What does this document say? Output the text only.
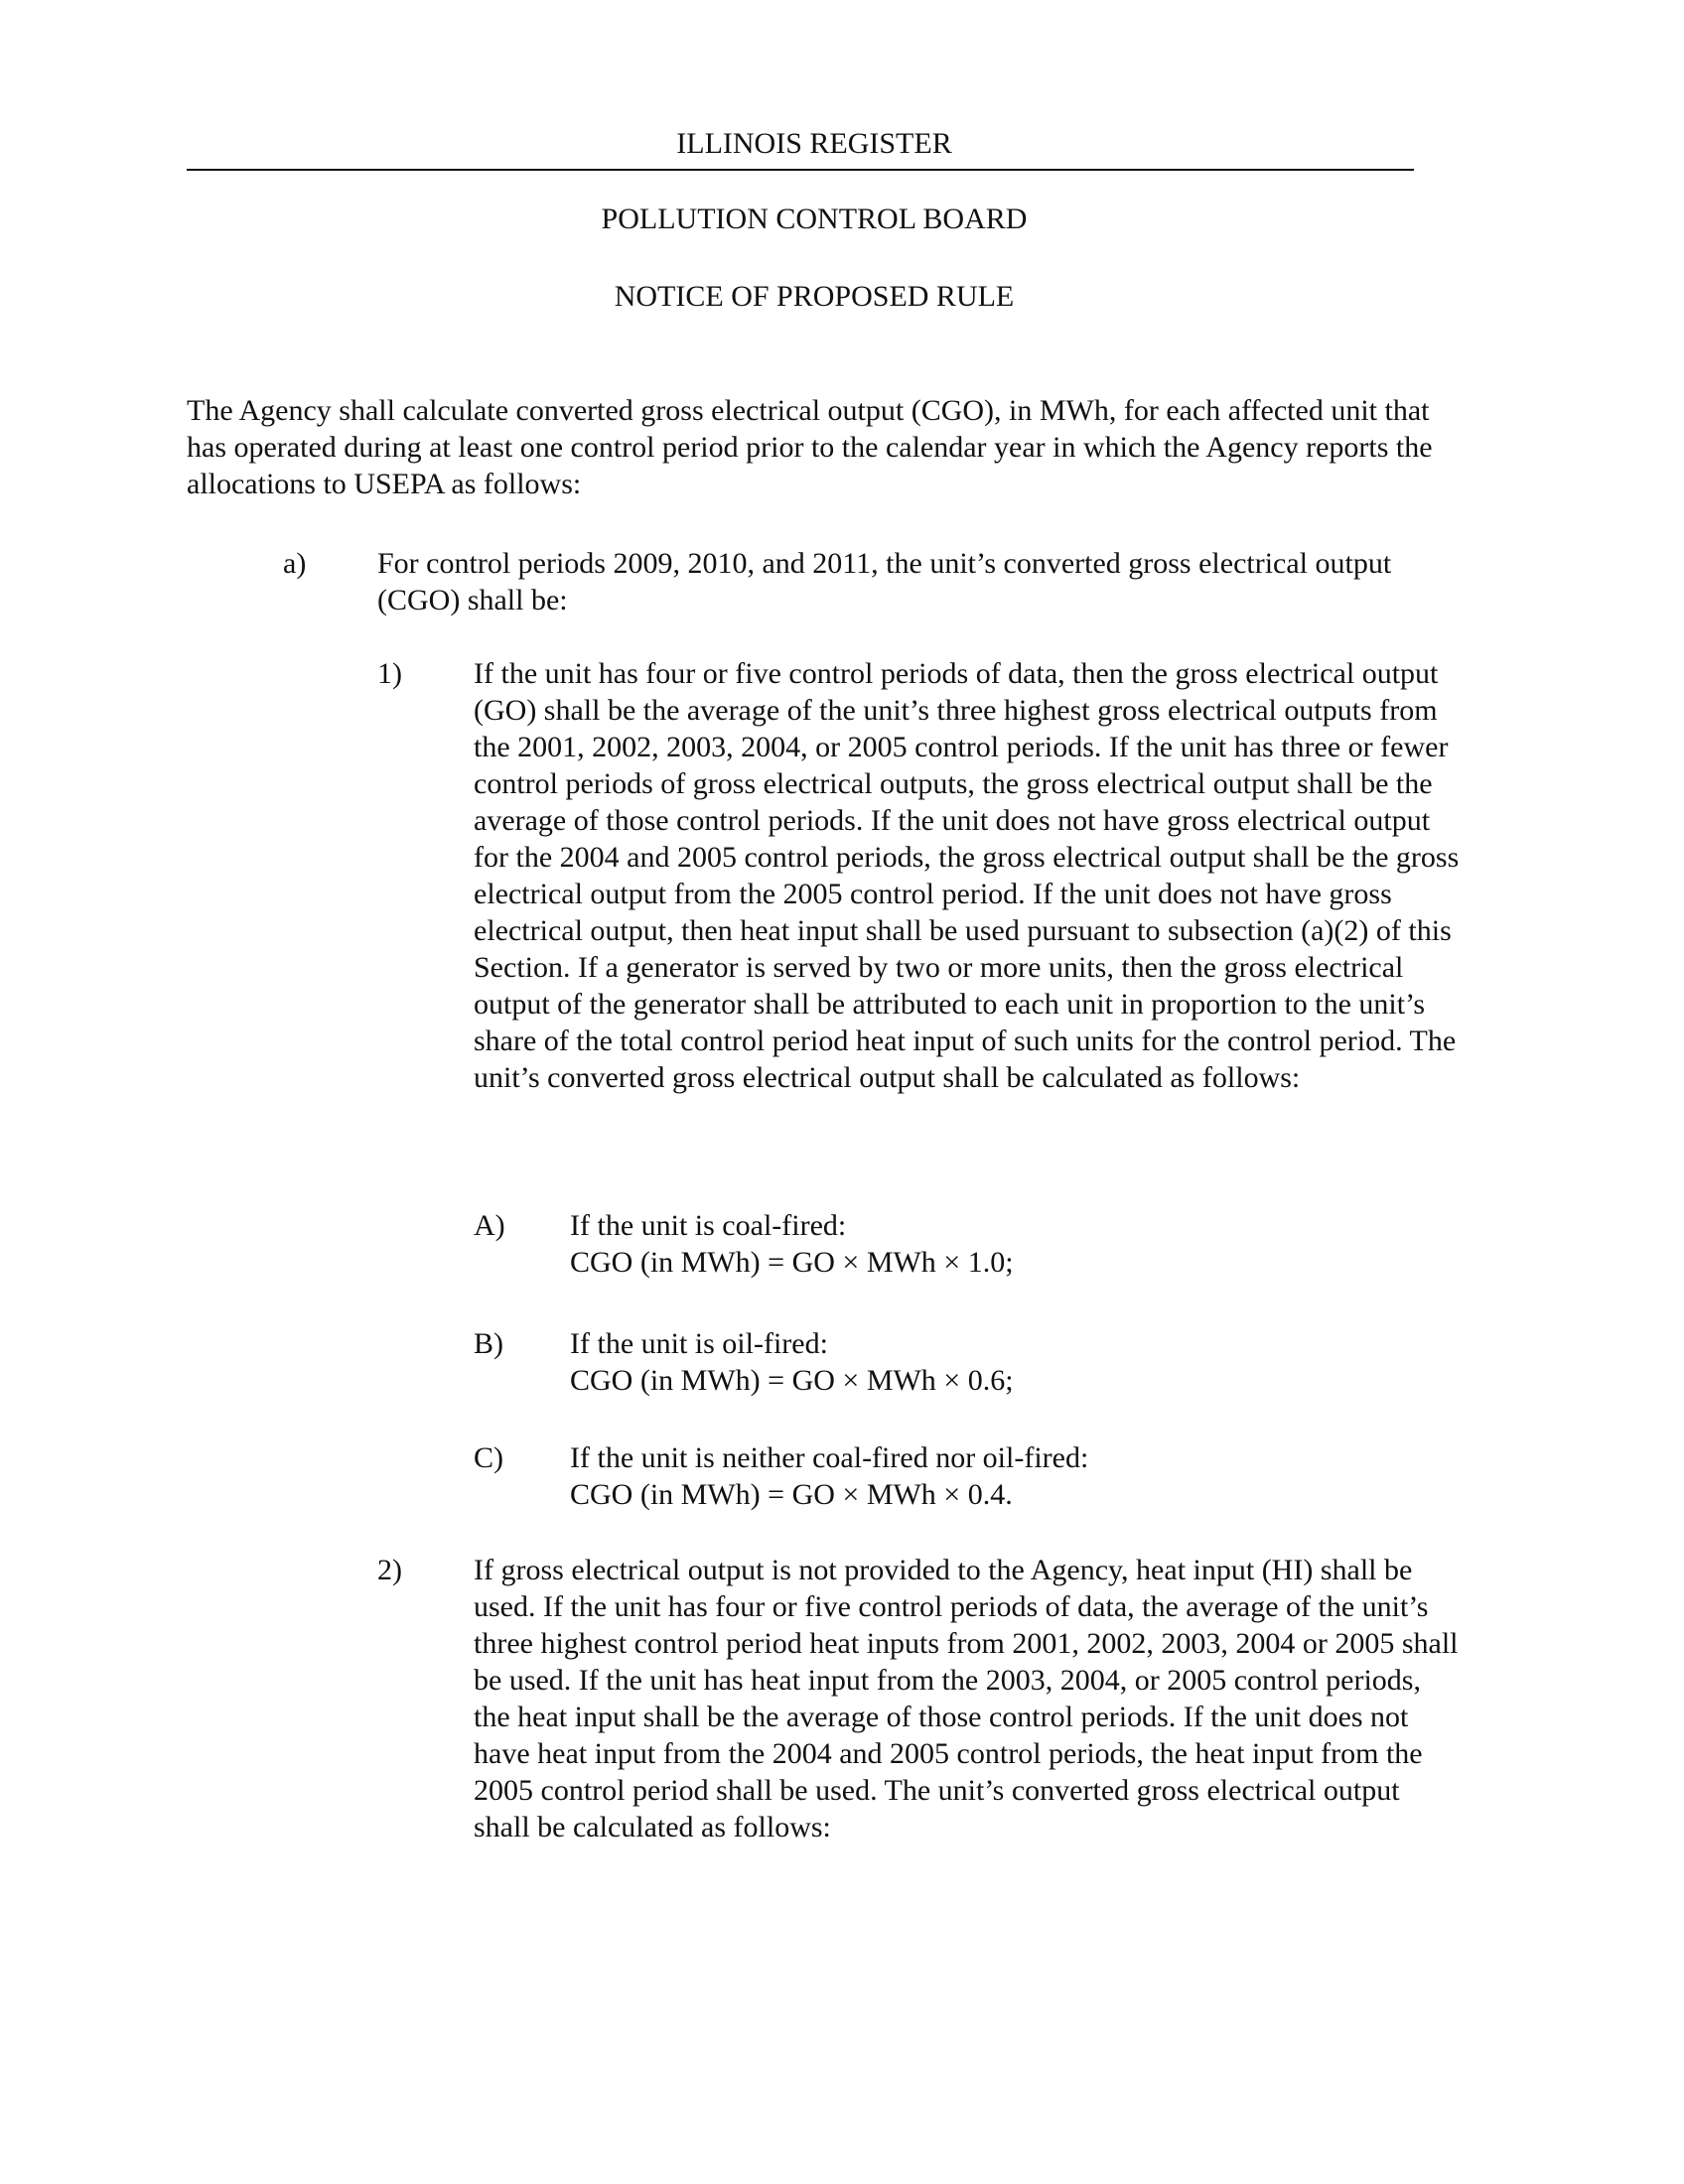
ILLINOIS REGISTER
POLLUTION CONTROL BOARD
NOTICE OF PROPOSED RULE

The Agency shall calculate converted gross electrical output (CGO), in MWh, for each affected unit that has operated during at least one control period prior to the calendar year in which the Agency reports the allocations to USEPA as follows:

a) For control periods 2009, 2010, and 2011, the unit’s converted gross electrical output (CGO) shall be:

1) If the unit has four or five control periods of data, then the gross electrical output (GO) shall be the average of the unit’s three highest gross electrical outputs from the 2001, 2002, 2003, 2004, or 2005 control periods. If the unit has three or fewer control periods of gross electrical outputs, the gross electrical output shall be the average of those control periods. If the unit does not have gross electrical output for the 2004 and 2005 control periods, the gross electrical output shall be the gross electrical output from the 2005 control period. If the unit does not have gross electrical output, then heat input shall be used pursuant to subsection (a)(2) of this Section. If a generator is served by two or more units, then the gross electrical output of the generator shall be attributed to each unit in proportion to the unit’s share of the total control period heat input of such units for the control period. The unit’s converted gross electrical output shall be calculated as follows:

A) If the unit is coal-fired:
CGO (in MWh) = GO × MWh × 1.0;
B) If the unit is oil-fired:
CGO (in MWh) = GO × MWh × 0.6;
C) If the unit is neither coal-fired nor oil-fired:
CGO (in MWh) = GO × MWh × 0.4.
2) If gross electrical output is not provided to the Agency, heat input (HI) shall be used. If the unit has four or five control periods of data, the average of the unit’s three highest control period heat inputs from 2001, 2002, 2003, 2004 or 2005 shall be used. If the unit has heat input from the 2003, 2004, or 2005 control periods, the heat input shall be the average of those control periods. If the unit does not have heat input from the 2004 and 2005 control periods, the heat input from the 2005 control period shall be used. The unit’s converted gross electrical output shall be calculated as follows:
